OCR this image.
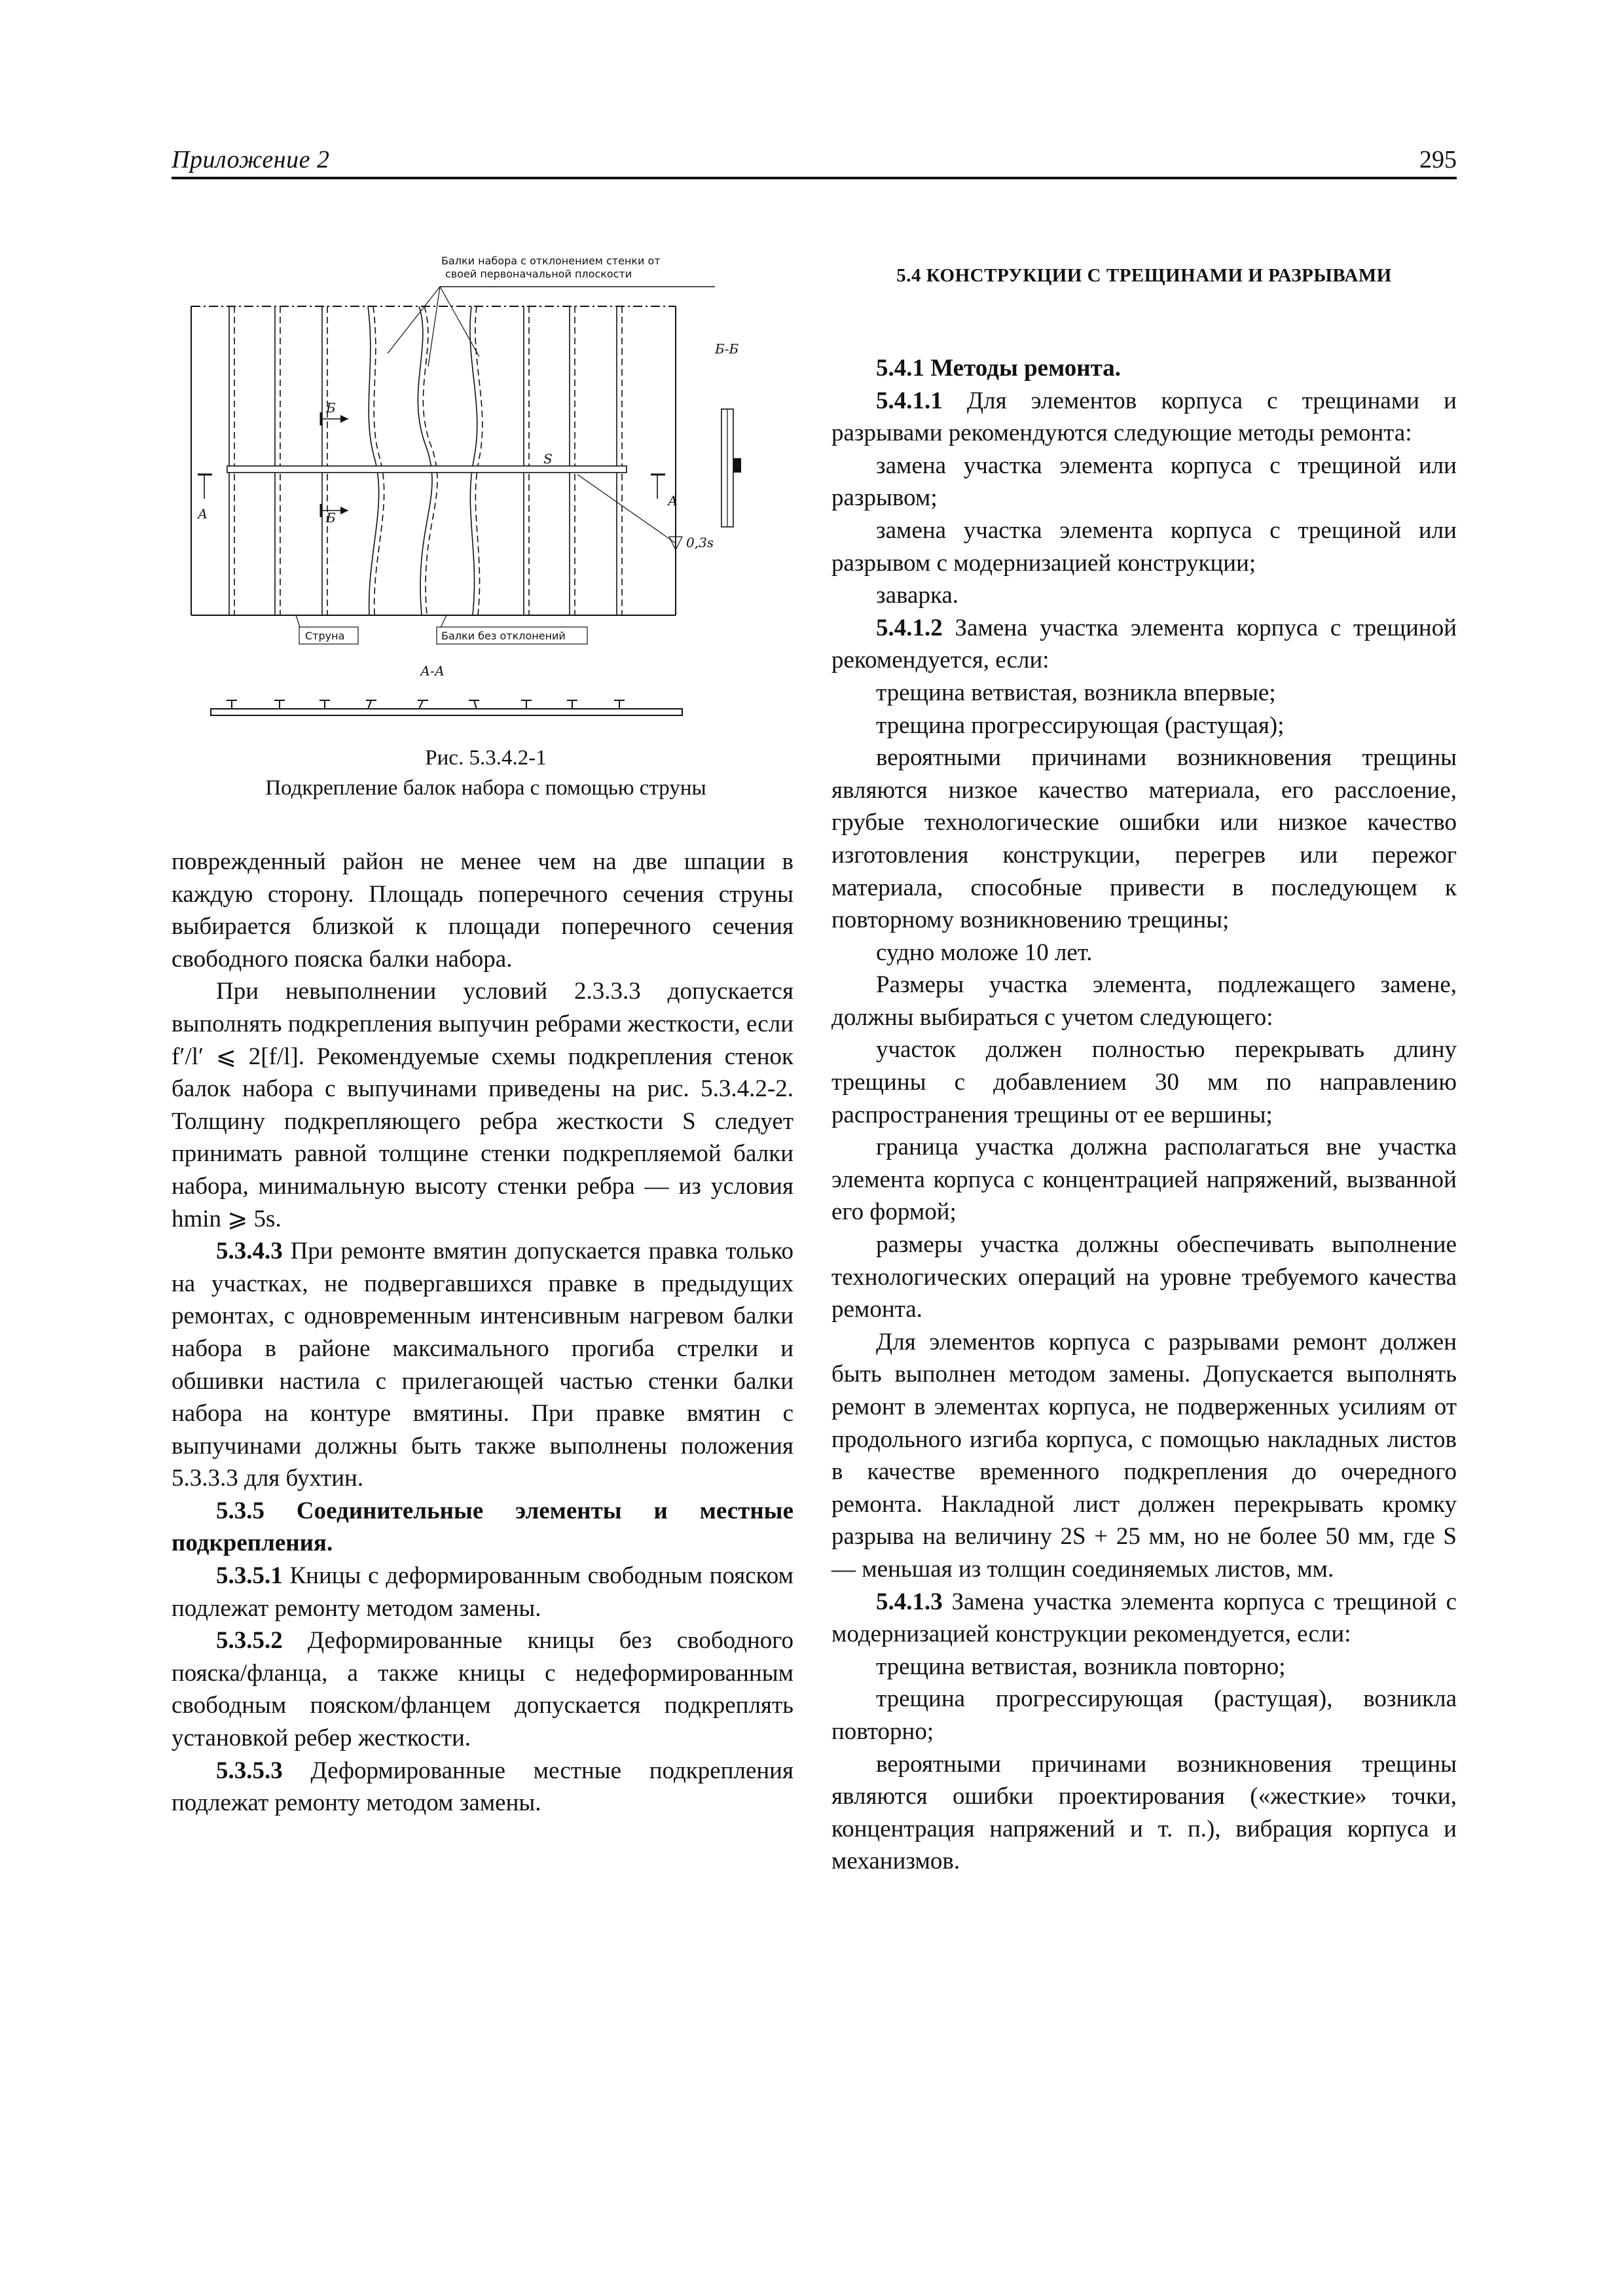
Приложение 2	295
Балки набора с отклонением стенки от
своей первоначальной плоскости
S
Б
Б
А
А
0,3s
Б-Б
Струна	Балки без отклонений
А-А
Рис. 5.3.4.2-1
Подкрепление балок набора с помощью струны

поврежденный район не менее чем на две шпации в каждую сторону. Площадь поперечного сечения струны выбирается близкой к площади поперечного сечения свободного пояска балки набора.

При невыполнении условий 2.3.3.3 допускается выполнять подкрепления выпучин ребрами жесткости, если f′/l′ ⩽ 2[f/l]. Рекомендуемые схемы подкрепления стенок балок набора с выпучинами приведены на рис. 5.3.4.2-2. Толщину подкрепляющего ребра жесткости S следует принимать равной толщине стенки подкрепляемой балки набора, минимальную высоту стенки ребра — из условия hmin ⩾ 5s.

5.3.4.3 При ремонте вмятин допускается правка только на участках, не подвергавшихся правке в предыдущих ремонтах, с одновременным интенсивным нагревом балки набора в районе максимального прогиба стрелки и обшивки настила с прилегающей частью стенки балки набора на контуре вмятины. При правке вмятин с выпучинами должны быть также выполнены положения 5.3.3.3 для бухтин.

5.3.5 Соединительные элементы и местные подкрепления.

5.3.5.1 Кницы с деформированным свободным пояском подлежат ремонту методом замены.

5.3.5.2 Деформированные кницы без свободного пояска/фланца, а также кницы с недеформированным свободным пояском/фланцем допускается подкреплять установкой ребер жесткости.

5.3.5.3 Деформированные местные подкрепления подлежат ремонту методом замены.

5.4 КОНСТРУКЦИИ С ТРЕЩИНАМИ И РАЗРЫВАМИ

5.4.1 Методы ремонта.

5.4.1.1 Для элементов корпуса с трещинами и разрывами рекомендуются следующие методы ремонта:

замена участка элемента корпуса с трещиной или разрывом;

замена участка элемента корпуса с трещиной или разрывом с модернизацией конструкции;

заварка.

5.4.1.2 Замена участка элемента корпуса с трещиной рекомендуется, если:

трещина ветвистая, возникла впервые;

трещина прогрессирующая (растущая);

вероятными причинами возникновения трещины являются низкое качество материала, его расслоение, грубые технологические ошибки или низкое качество изготовления конструкции, перегрев или пережог материала, способные привести в последующем к повторному возникновению трещины;

судно моложе 10 лет.

Размеры участка элемента, подлежащего замене, должны выбираться с учетом следующего:

участок должен полностью перекрывать длину трещины с добавлением 30 мм по направлению распространения трещины от ее вершины;

граница участка должна располагаться вне участка элемента корпуса с концентрацией напряжений, вызванной его формой;

размеры участка должны обеспечивать выполнение технологических операций на уровне требуемого качества ремонта.

Для элементов корпуса с разрывами ремонт должен быть выполнен методом замены. Допускается выполнять ремонт в элементах корпуса, не подверженных усилиям от продольного изгиба корпуса, с помощью накладных листов в качестве временного подкрепления до очередного ремонта. Накладной лист должен перекрывать кромку разрыва на величину 2S + 25 мм, но не более 50 мм, где S — меньшая из толщин соединяемых листов, мм.

5.4.1.3 Замена участка элемента корпуса с трещиной с модернизацией конструкции рекомендуется, если:

трещина ветвистая, возникла повторно;

трещина прогрессирующая (растущая), возникла повторно;

вероятными причинами возникновения трещины являются ошибки проектирования («жесткие» точки, концентрация напряжений и т. п.), вибрация корпуса и механизмов.
